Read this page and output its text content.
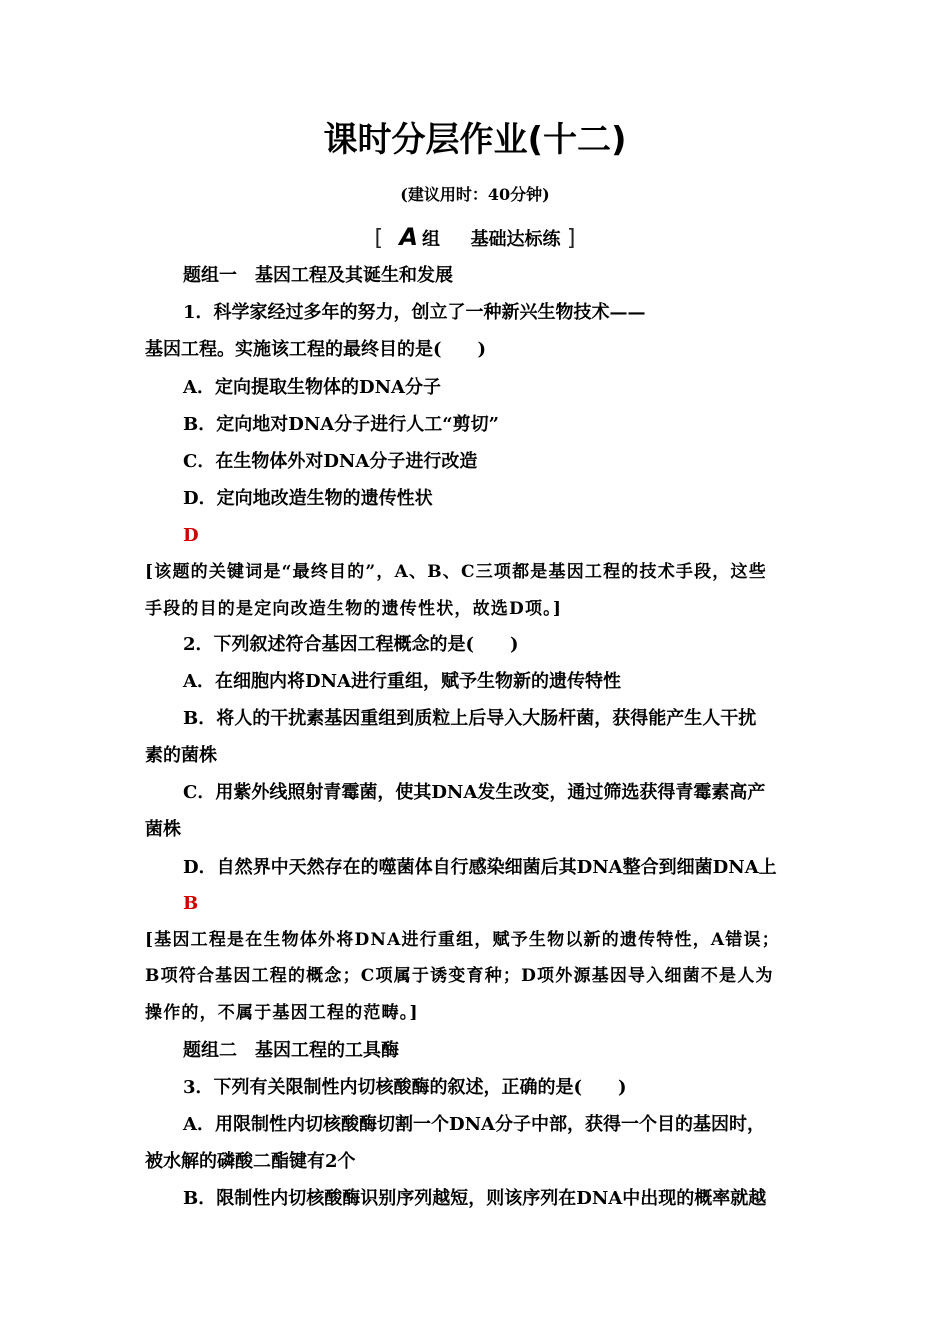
课时分层作业(十二)
(建议用时：40分钟)
[ A 组 基础达标练 ]
题组一　基因工程及其诞生和发展
1．科学家经过多年的努力，创立了一种新兴生物技术——
基因工程。实施该工程的最终目的是(　　)
A．定向提取生物体的DNA分子
B．定向地对DNA分子进行人工“剪切”
C．在生物体外对DNA分子进行改造
D．定向地改造生物的遗传性状
D
[该题的关键词是“最终目的”，A、B、C三项都是基因工程的技术手段，这些
手段的目的是定向改造生物的遗传性状，故选D项。]
2．下列叙述符合基因工程概念的是(　　)
A．在细胞内将DNA进行重组，赋予生物新的遗传特性
B．将人的干扰素基因重组到质粒上后导入大肠杆菌，获得能产生人干扰
素的菌株
C．用紫外线照射青霉菌，使其DNA发生改变，通过筛选获得青霉素高产
菌株
D．自然界中天然存在的噬菌体自行感染细菌后其DNA整合到细菌DNA上
B
[基因工程是在生物体外将DNA进行重组，赋予生物以新的遗传特性，A错误；
B项符合基因工程的概念；C项属于诱变育种；D项外源基因导入细菌不是人为
操作的，不属于基因工程的范畴。]
题组二　基因工程的工具酶
3．下列有关限制性内切核酸酶的叙述，正确的是(　　)
A．用限制性内切核酸酶切割一个DNA分子中部，获得一个目的基因时，
被水解的磷酸二酯键有2个
B．限制性内切核酸酶识别序列越短，则该序列在DNA中出现的概率就越
